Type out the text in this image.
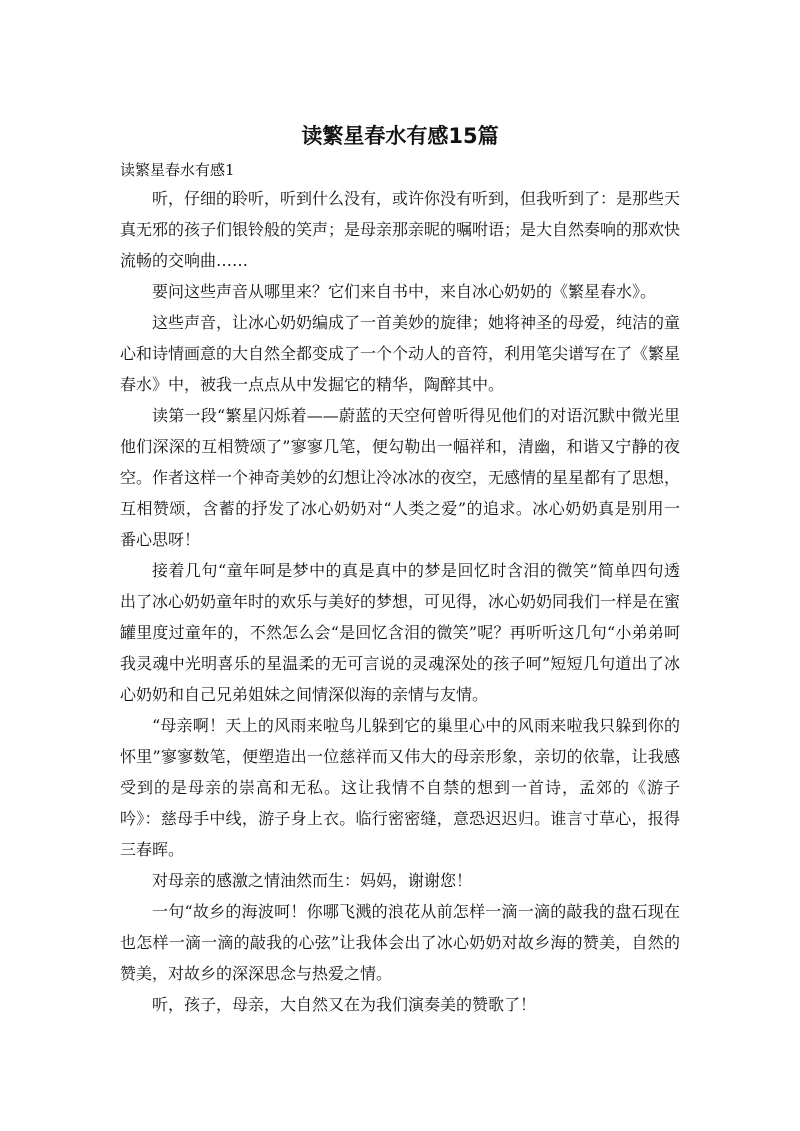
读繁星春水有感15篇
读繁星春水有感1

听，仔细的聆听，听到什么没有，或许你没有听到，但我听到了：是那些天真无邪的孩子们银铃般的笑声；是母亲那亲昵的嘱咐语；是大自然奏响的那欢快流畅的交响曲……

要问这些声音从哪里来？它们来自书中，来自冰心奶奶的《繁星春水》。

这些声音，让冰心奶奶编成了一首美妙的旋律；她将神圣的母爱，纯洁的童心和诗情画意的大自然全都变成了一个个动人的音符，利用笔尖谱写在了《繁星春水》中，被我一点点从中发掘它的精华，陶醉其中。

读第一段“繁星闪烁着——蔚蓝的天空何曾听得见他们的对语沉默中微光里他们深深的互相赞颂了”寥寥几笔，便勾勒出一幅祥和，清幽，和谐又宁静的夜空。作者这样一个神奇美妙的幻想让冷冰冰的夜空，无感情的星星都有了思想，互相赞颂，含蓄的抒发了冰心奶奶对“人类之爱”的追求。冰心奶奶真是别用一番心思呀！

接着几句“童年呵是梦中的真是真中的梦是回忆时含泪的微笑”简单四句透出了冰心奶奶童年时的欢乐与美好的梦想，可见得，冰心奶奶同我们一样是在蜜罐里度过童年的，不然怎么会“是回忆含泪的微笑”呢？再听听这几句“小弟弟呵我灵魂中光明喜乐的星温柔的无可言说的灵魂深处的孩子呵”短短几句道出了冰心奶奶和自己兄弟姐妹之间情深似海的亲情与友情。

“母亲啊！天上的风雨来啦鸟儿躲到它的巢里心中的风雨来啦我只躲到你的怀里”寥寥数笔，便塑造出一位慈祥而又伟大的母亲形象，亲切的依靠，让我感受到的是母亲的崇高和无私。这让我情不自禁的想到一首诗，孟郊的《游子吟》：慈母手中线，游子身上衣。临行密密缝，意恐迟迟归。谁言寸草心，报得三春晖。

对母亲的感激之情油然而生：妈妈，谢谢您！

一句“故乡的海波呵！你哪飞溅的浪花从前怎样一滴一滴的敲我的盘石现在也怎样一滴一滴的敲我的心弦”让我体会出了冰心奶奶对故乡海的赞美，自然的赞美，对故乡的深深思念与热爱之情。

听，孩子，母亲，大自然又在为我们演奏美的赞歌了！
